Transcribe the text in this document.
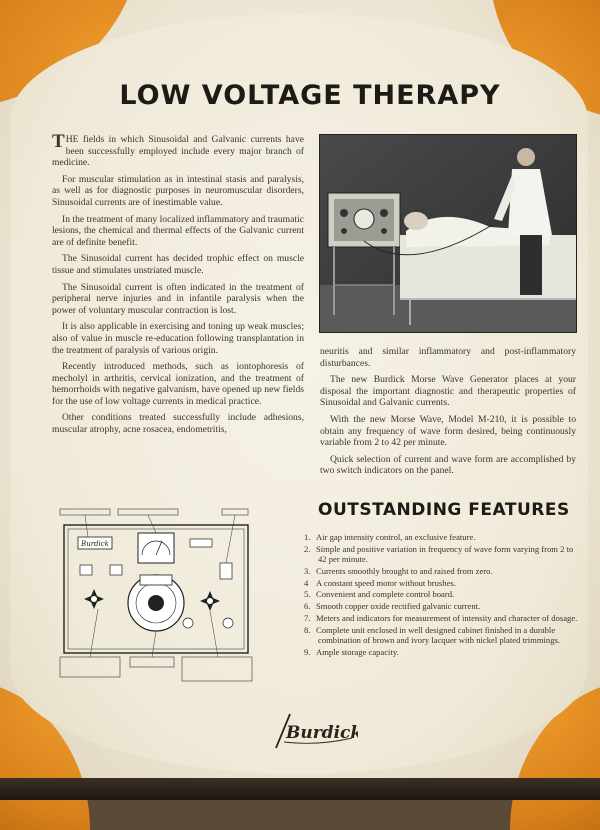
LOW VOLTAGE THERAPY

THE fields in which Sinusoidal and Galvanic currents have been successfully employed include every major branch of medicine.

For muscular stimulation as in intestinal stasis and paralysis, as well as for diagnostic purposes in neuromuscular disorders, Sinusoidal currents are of inestimable value.

In the treatment of many localized inflammatory and traumatic lesions, the chemical and thermal effects of the Galvanic current are of definite benefit.

The Sinusoidal current has decided trophic effect on muscle tissue and stimulates unstriated muscle.

The Sinusoidal current is often indicated in the treatment of peripheral nerve injuries and in infantile paralysis when the power of voluntary muscular contraction is lost.

It is also applicable in exercising and toning up weak muscles; also of value in muscle re-education following transplantation in the treatment of paralysis of various origin.

Recently introduced methods, such as iontophoresis of mecholyl in arthritis, cervical ionization, and the treatment of hemorrhoids with negative galvanism, have opened up new fields for the use of low voltage currents in medical practice.

Other conditions treated successfully include adhesions, muscular atrophy, acne rosacea, endometritis,

neuritis and similar inflammatory and post-inflammatory disturbances.

The new Burdick Morse Wave Generator places at your disposal the important diagnostic and therapeutic properties of Sinusoidal and Galvanic currents.

With the new Morse Wave, Model M-210, it is possible to obtain any frequency of wave form desired, being continuously variable from 2 to 42 per minute.

Quick selection of current and wave form are accomplished by two switch indicators on the panel.

OUTSTANDING FEATURES
1. Air gap intensity control, an exclusive feature.
2. Simple and positive variation in frequency of wave form varying from 2 to 42 per minute.
3. Currents smoothly brought to and raised from zero.
4 A constant speed motor without brushes.
5. Convenient and complete control board.
6. Smooth copper oxide rectified galvanic current.
7. Meters and indicators for measurement of intensity and character of dosage.
8. Complete unit enclosed in well designed cabinet finished in a durable combination of brown and ivory lacquer with nickel plated trimmings.
9. Ample storage capacity.
Burdick
Burdick
